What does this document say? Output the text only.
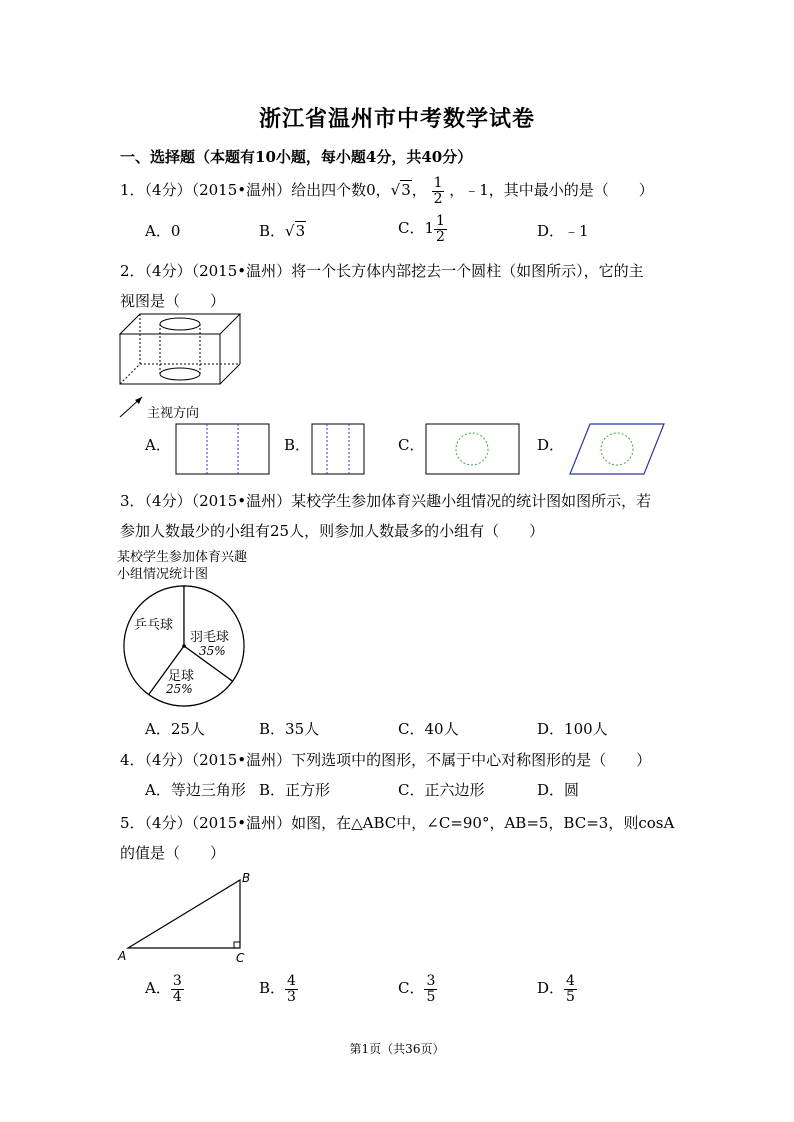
浙江省温州市中考数学试卷
一、选择题（本题有10小题，每小题4分，共40分）
1．（4分）（2015•温州）给出四个数0，√3， $\frac{1}{2}$ ，﹣1，其中最小的是（　　）
A．0	B．√3	C．$1 \frac{1}{2}$	D．﹣1
2．（4分）（2015•温州）将一个长方体内部挖去一个圆柱（如图所示），它的主
视图是（　　）
主视方向
A．	B．	C．	D．
3．（4分）（2015•温州）某校学生参加体育兴趣小组情况的统计图如图所示，若
参加人数最少的小组有25人，则参加人数最多的小组有（　　）
某校学生参加体育兴趣
小组情况统计图
乒乓球
羽毛球
35%
足球
25%
A．25人	B．35人	C．40人	D．100人
4．（4分）（2015•温州）下列选项中的图形，不属于中心对称图形的是（　　）
A．等边三角形 B．正方形	C．正六边形	D．圆
5．（4分）（2015•温州）如图，在△ABC中，∠C=90°，AB=5，BC=3，则cosA
的值是（　　）
A
B
C
A． $\frac{3}{4}$	B． $\frac{4}{3}$	C． $\frac{3}{5}$	D． $\frac{4}{5}$
第1页（共36页）
